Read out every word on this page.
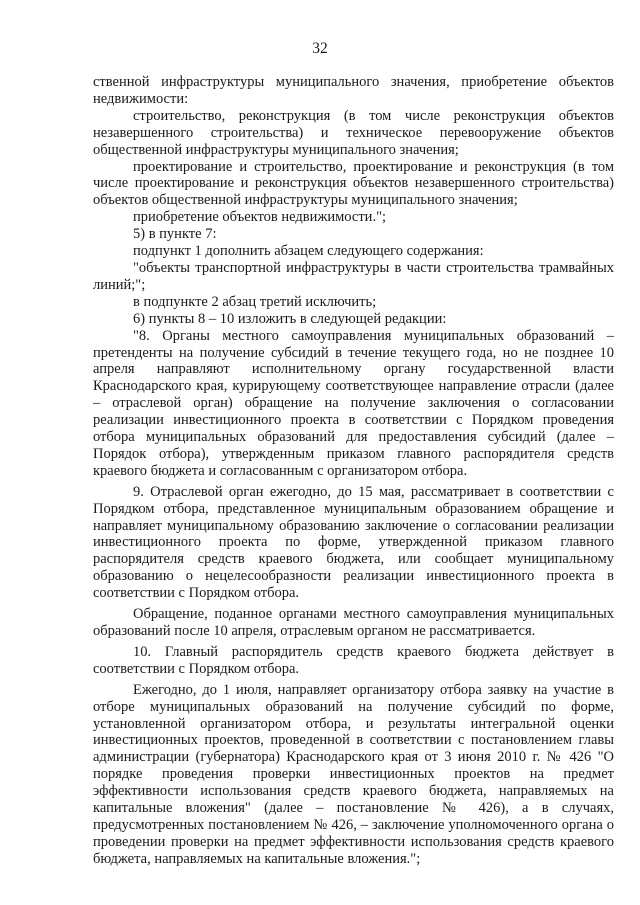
32

ственной инфраструктуры муниципального значения, приобретение объектов недвижимости:

строительство, реконструкция (в том числе реконструкция объектов незавершенного строительства) и техническое перевооружение объектов общественной инфраструктуры муниципального значения;

проектирование и строительство, проектирование и реконструкция (в том числе проектирование и реконструкция объектов незавершенного строительства) объектов общественной инфраструктуры муниципального значения;

приобретение объектов недвижимости.";

5) в пункте 7:

подпункт 1 дополнить абзацем следующего содержания:

"объекты транспортной инфраструктуры в части строительства трамвайных линий;";

в подпункте 2 абзац третий исключить;

6) пункты 8 – 10 изложить в следующей редакции:

"8. Органы местного самоуправления муниципальных образований – претенденты на получение субсидий в течение текущего года, но не позднее 10 апреля направляют исполнительному органу государственной власти Краснодарского края, курирующему соответствующее направление отрасли (далее – отраслевой орган) обращение на получение заключения о согласовании реализации инвестиционного проекта в соответствии с Порядком проведения отбора муниципальных образований для предоставления субсидий (далее – Порядок отбора), утвержденным приказом главного распорядителя средств краевого бюджета и согласованным с организатором отбора.

9. Отраслевой орган ежегодно, до 15 мая, рассматривает в соответствии с Порядком отбора, представленное муниципальным образованием обращение и направляет муниципальному образованию заключение о согласовании реализации инвестиционного проекта по форме, утвержденной приказом главного распорядителя средств краевого бюджета, или сообщает муниципальному образованию о нецелесообразности реализации инвестиционного проекта в соответствии с Порядком отбора.

Обращение, поданное органами местного самоуправления муниципальных образований после 10 апреля, отраслевым органом не рассматривается.

10. Главный распорядитель средств краевого бюджета действует в соответствии с Порядком отбора.

Ежегодно, до 1 июля, направляет организатору отбора заявку на участие в отборе муниципальных образований на получение субсидий по форме, установленной организатором отбора, и результаты интегральной оценки инвестиционных проектов, проведенной в соответствии с постановлением главы администрации (губернатора) Краснодарского края от 3 июня 2010 г. № 426 "О порядке проведения проверки инвестиционных проектов на предмет эффективности использования средств краевого бюджета, направляемых на капитальные вложения" (далее – постановление № 426), а в случаях, предусмотренных постановлением № 426, – заключение уполномоченного органа о проведении проверки на предмет эффективности использования средств краевого бюджета, направляемых на капитальные вложения.";
